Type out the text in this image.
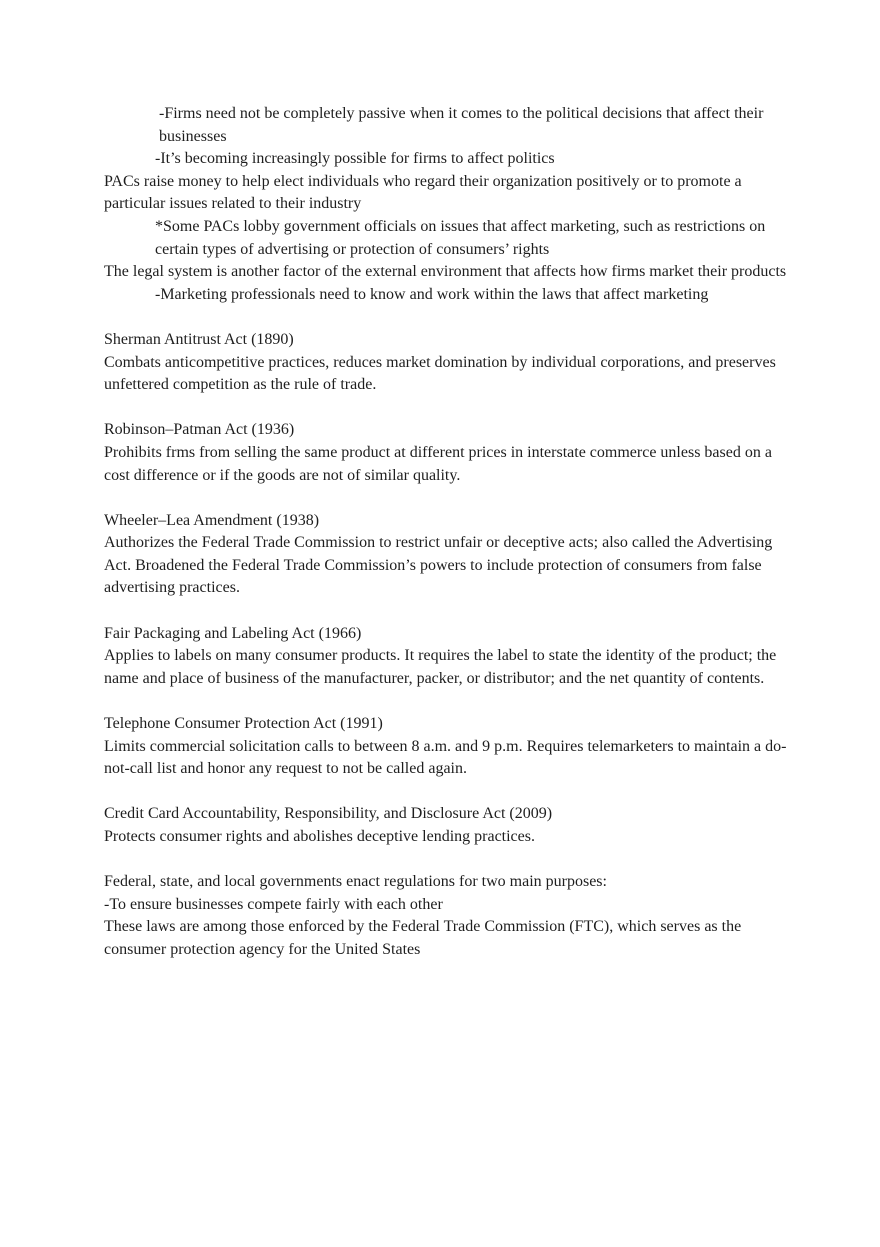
-Firms need not be completely passive when it comes to the political decisions that affect their businesses

-It’s becoming increasingly possible for firms to affect politics

PACs raise money to help elect individuals who regard their organization positively or to promote a particular issues related to their industry

*Some PACs lobby government officials on issues that affect marketing, such as restrictions on certain types of advertising or protection of consumers’ rights

The legal system is another factor of the external environment that affects how firms market their products

-Marketing professionals need to know and work within the laws that affect marketing

Sherman Antitrust Act (1890)

Combats anticompetitive practices, reduces market domination by individual corporations, and preserves unfettered competition as the rule of trade.

Robinson–Patman Act (1936)

Prohibits frms from selling the same product at different prices in interstate commerce unless based on a cost difference or if the goods are not of similar quality.

Wheeler–Lea Amendment (1938)

Authorizes the Federal Trade Commission to restrict unfair or deceptive acts; also called the Advertising Act. Broadened the Federal Trade Commission’s powers to include protection of consumers from false advertising practices.

Fair Packaging and Labeling Act (1966)

Applies to labels on many consumer products. It requires the label to state the identity of the product; the name and place of business of the manufacturer, packer, or distributor; and the net quantity of contents.

Telephone Consumer Protection Act (1991)

Limits commercial solicitation calls to between 8 a.m. and 9 p.m. Requires telemarketers to maintain a do-not-call list and honor any request to not be called again.

Credit Card Accountability, Responsibility, and Disclosure Act (2009)

Protects consumer rights and abolishes deceptive lending practices.

Federal, state, and local governments enact regulations for two main purposes:

-To ensure businesses compete fairly with each other

These laws are among those enforced by the Federal Trade Commission (FTC), which serves as the consumer protection agency for the United States
